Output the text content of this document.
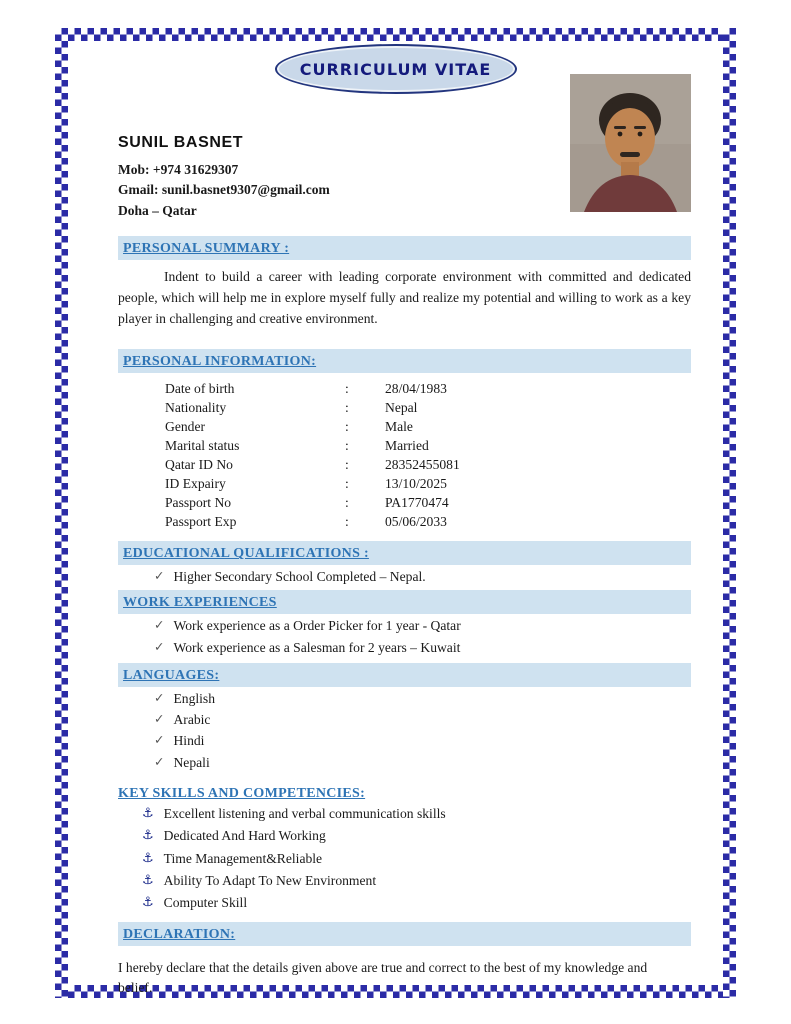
CURRICULUM VITAE
SUNIL BASNET
Mob: +974 31629307
Gmail: sunil.basnet9307@gmail.com
Doha – Qatar
PERSONAL SUMMARY :

Indent to build a career with leading corporate environment with committed and dedicated people, which will help me in explore myself fully and realize my potential and willing to work as a key player in challenging and creative environment.

PERSONAL INFORMATION:
Date of birth	:	28/04/1983
Nationality	:	Nepal
Gender	:	Male
Marital status	:	Married
Qatar ID No	:	28352455081
ID Expairy	:	13/10/2025
Passport No	:	PA1770474
Passport Exp	:	05/06/2033
EDUCATIONAL QUALIFICATIONS :
✓ Higher Secondary School Completed – Nepal.
WORK EXPERIENCES
✓ Work experience as a Order Picker for 1 year - Qatar
✓ Work experience as a Salesman for 2 years – Kuwait
LANGUAGES:
✓ English
✓ Arabic
✓ Hindi
✓ Nepali
KEY SKILLS AND COMPETENCIES:
⚓ Excellent listening and verbal communication skills
⚓ Dedicated And Hard Working
⚓ Time Management&Reliable
⚓ Ability To Adapt To New Environment
⚓ Computer Skill
DECLARATION:

I hereby declare that the details given above are true and correct to the best of my knowledge and belief.
